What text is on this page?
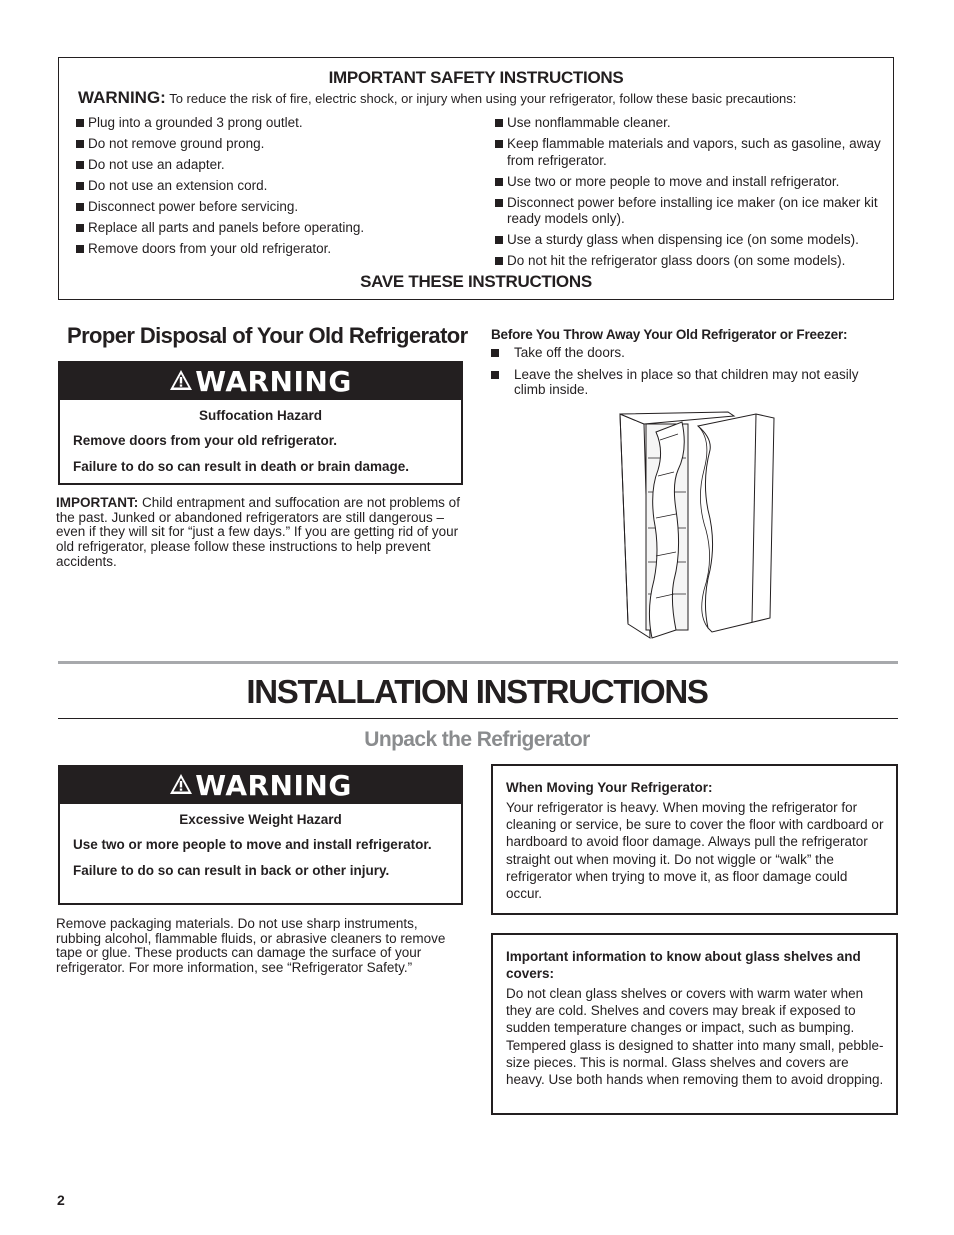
IMPORTANT SAFETY INSTRUCTIONS
WARNING: To reduce the risk of fire, electric shock, or injury when using your refrigerator, follow these basic precautions:
Plug into a grounded 3 prong outlet.
Do not remove ground prong.
Do not use an adapter.
Do not use an extension cord.
Disconnect power before servicing.
Replace all parts and panels before operating.
Remove doors from your old refrigerator.
Use nonflammable cleaner.
Keep flammable materials and vapors, such as gasoline, away from refrigerator.
Use two or more people to move and install refrigerator.
Disconnect power before installing ice maker (on ice maker kit ready models only).
Use a sturdy glass when dispensing ice (on some models).
Do not hit the refrigerator glass doors (on some models).
SAVE THESE INSTRUCTIONS
Proper Disposal of Your Old Refrigerator
WARNING
Suffocation Hazard

Remove doors from your old refrigerator.

Failure to do so can result in death or brain damage.

IMPORTANT: Child entrapment and suffocation are not problems of the past. Junked or abandoned refrigerators are still dangerous – even if they will sit for “just a few days.” If you are getting rid of your old refrigerator, please follow these instructions to help prevent accidents.
Before You Throw Away Your Old Refrigerator or Freezer:
Take off the doors.
Leave the shelves in place so that children may not easily climb inside.
INSTALLATION INSTRUCTIONS
Unpack the Refrigerator
WARNING
Excessive Weight Hazard

Use two or more people to move and install refrigerator.

Failure to do so can result in back or other injury.

Remove packaging materials. Do not use sharp instruments, rubbing alcohol, flammable fluids, or abrasive cleaners to remove tape or glue. These products can damage the surface of your refrigerator. For more information, see “Refrigerator Safety.”
When Moving Your Refrigerator:
Your refrigerator is heavy. When moving the refrigerator for cleaning or service, be sure to cover the floor with cardboard or hardboard to avoid floor damage. Always pull the refrigerator straight out when moving it. Do not wiggle or “walk” the refrigerator when trying to move it, as floor damage could occur.
Important information to know about glass shelves and covers:
Do not clean glass shelves or covers with warm water when they are cold. Shelves and covers may break if exposed to sudden temperature changes or impact, such as bumping. Tempered glass is designed to shatter into many small, pebble-size pieces. This is normal. Glass shelves and covers are heavy. Use both hands when removing them to avoid dropping.
2
